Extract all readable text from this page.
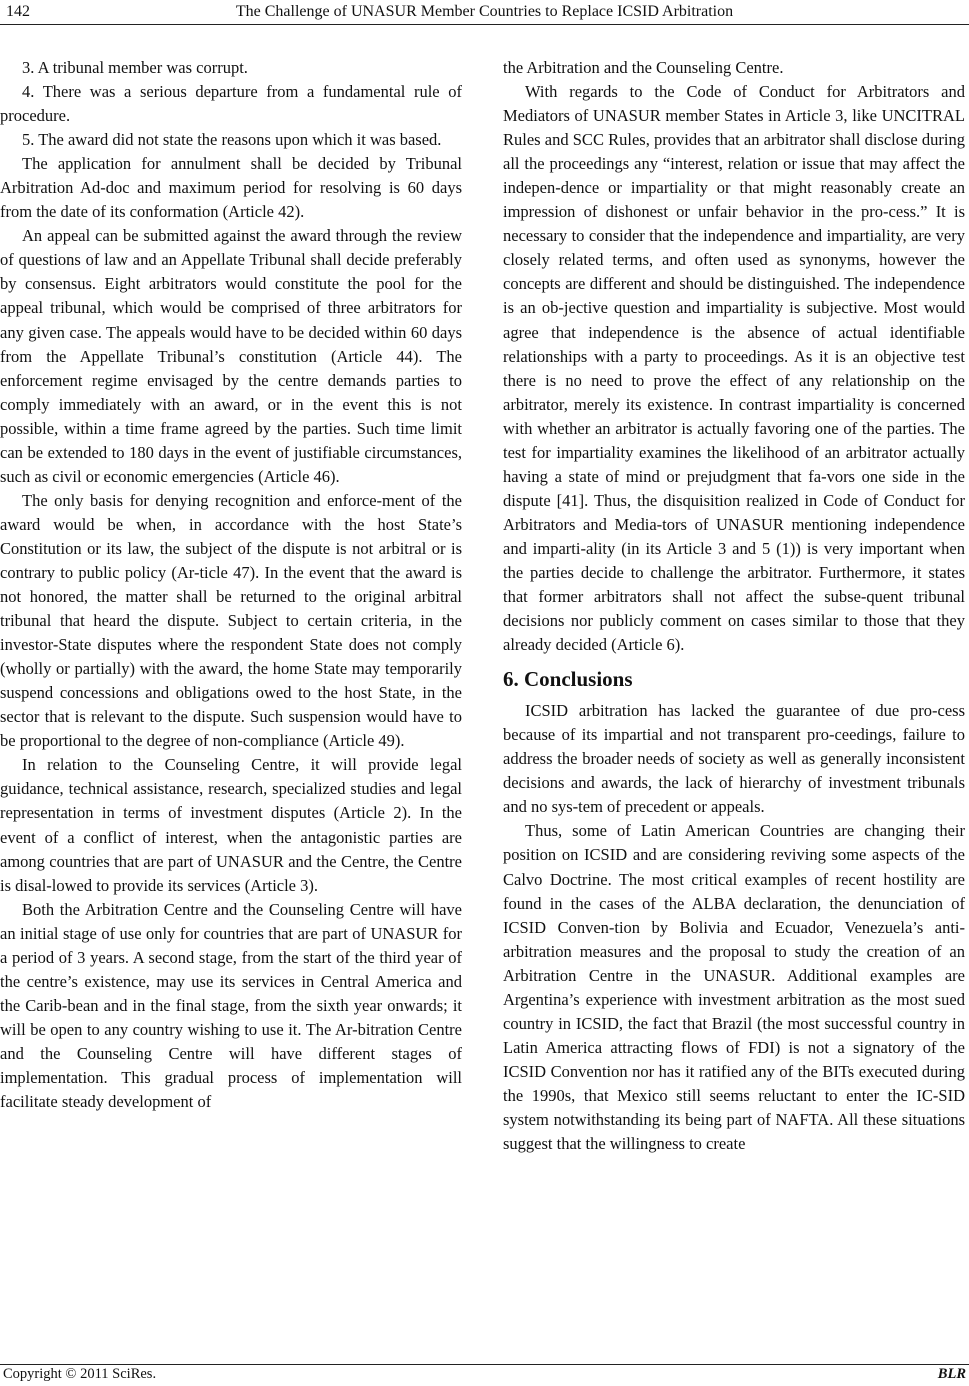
142	The Challenge of UNASUR Member Countries to Replace ICSID Arbitration

3. A tribunal member was corrupt.

4. There was a serious departure from a fundamental rule of procedure.

5. The award did not state the reasons upon which it was based.

The application for annulment shall be decided by Tribunal Arbitration Ad-doc and maximum period for resolving is 60 days from the date of its conformation (Article 42).

An appeal can be submitted against the award through the review of questions of law and an Appellate Tribunal shall decide preferably by consensus. Eight arbitrators would constitute the pool for the appeal tribunal, which would be comprised of three arbitrators for any given case. The appeals would have to be decided within 60 days from the Appellate Tribunal’s constitution (Article 44). The enforcement regime envisaged by the centre demands parties to comply immediately with an award, or in the event this is not possible, within a time frame agreed by the parties. Such time limit can be extended to 180 days in the event of justifiable circumstances, such as civil or economic emergencies (Article 46).

The only basis for denying recognition and enforce-ment of the award would be when, in accordance with the host State’s Constitution or its law, the subject of the dispute is not arbitral or is contrary to public policy (Ar-ticle 47). In the event that the award is not honored, the matter shall be returned to the original arbitral tribunal that heard the dispute. Subject to certain criteria, in the investor-State disputes where the respondent State does not comply (wholly or partially) with the award, the home State may temporarily suspend concessions and obligations owed to the host State, in the sector that is relevant to the dispute. Such suspension would have to be proportional to the degree of non-compliance (Article 49).

In relation to the Counseling Centre, it will provide legal guidance, technical assistance, research, specialized studies and legal representation in terms of investment disputes (Article 2). In the event of a conflict of interest, when the antagonistic parties are among countries that are part of UNASUR and the Centre, the Centre is disal-lowed to provide its services (Article 3).

Both the Arbitration Centre and the Counseling Centre will have an initial stage of use only for countries that are part of UNASUR for a period of 3 years. A second stage, from the start of the third year of the centre’s existence, may use its services in Central America and the Carib-bean and in the final stage, from the sixth year onwards; it will be open to any country wishing to use it. The Ar-bitration Centre and the Counseling Centre will have different stages of implementation. This gradual process of implementation will facilitate steady development of

the Arbitration and the Counseling Centre.

With regards to the Code of Conduct for Arbitrators and Mediators of UNASUR member States in Article 3, like UNCITRAL Rules and SCC Rules, provides that an arbitrator shall disclose during all the proceedings any “interest, relation or issue that may affect the indepen-dence or impartiality or that might reasonably create an impression of dishonest or unfair behavior in the pro-cess.” It is necessary to consider that the independence and impartiality, are very closely related terms, and often used as synonyms, however the concepts are different and should be distinguished. The independence is an ob-jective question and impartiality is subjective. Most would agree that independence is the absence of actual identifiable relationships with a party to proceedings. As it is an objective test there is no need to prove the effect of any relationship on the arbitrator, merely its existence. In contrast impartiality is concerned with whether an arbitrator is actually favoring one of the parties. The test for impartiality examines the likelihood of an arbitrator actually having a state of mind or prejudgment that fa-vors one side in the dispute [41]. Thus, the disquisition realized in Code of Conduct for Arbitrators and Media-tors of UNASUR mentioning independence and imparti-ality (in its Article 3 and 5 (1)) is very important when the parties decide to challenge the arbitrator. Furthermore, it states that former arbitrators shall not affect the subse-quent tribunal decisions nor publicly comment on cases similar to those that they already decided (Article 6).

6. Conclusions

ICSID arbitration has lacked the guarantee of due pro-cess because of its impartial and not transparent pro-ceedings, failure to address the broader needs of society as well as generally inconsistent decisions and awards, the lack of hierarchy of investment tribunals and no sys-tem of precedent or appeals.

Thus, some of Latin American Countries are changing their position on ICSID and are considering reviving some aspects of the Calvo Doctrine. The most critical examples of recent hostility are found in the cases of the ALBA declaration, the denunciation of ICSID Conven-tion by Bolivia and Ecuador, Venezuela’s anti-arbitration measures and the proposal to study the creation of an Arbitration Centre in the UNASUR. Additional examples are Argentina’s experience with investment arbitration as the most sued country in ICSID, the fact that Brazil (the most successful country in Latin America attracting flows of FDI) is not a signatory of the ICSID Convention nor has it ratified any of the BITs executed during the 1990s, that Mexico still seems reluctant to enter the IC-SID system notwithstanding its being part of NAFTA. All these situations suggest that the willingness to create

Copyright © 2011 SciRes.	BLR
